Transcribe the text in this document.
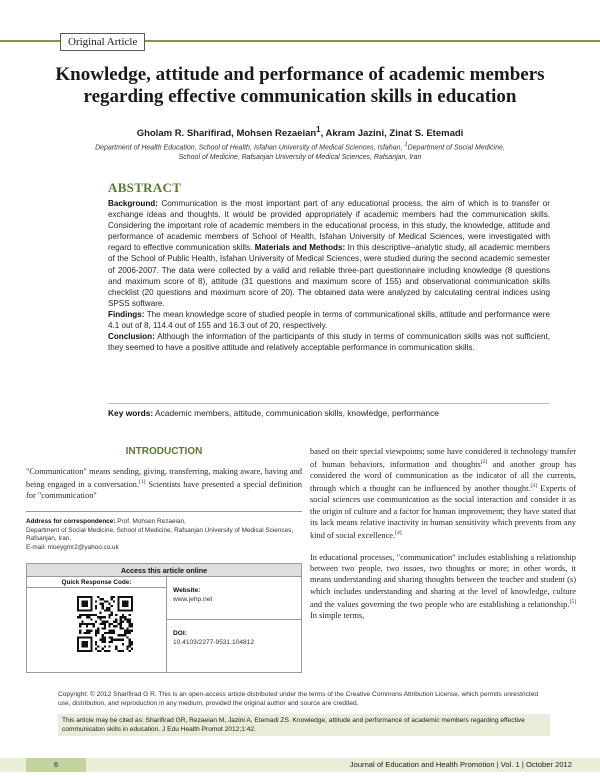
Original Article
Knowledge, attitude and performance of academic members regarding effective communication skills in education
Gholam R. Sharifirad, Mohsen Rezaeian$^1$, Akram Jazini, Zinat S. Etemadi
Department of Health Education, School of Health, Isfahan University of Medical Sciences, Isfahan, $^1$Department of Social Medicine,
School of Medicine, Rafsanjan University of Medical Sciences, Rafsanjan, Iran
ABSTRACT
Background: Communication is the most important part of any educational process, the aim of which is to transfer or exchange ideas and thoughts. It would be provided appropriately if academic members had the communication skills. Considering the important role of academic members in the educational process, in this study, the knowledge, attitude and performance of academic members of School of Health, Isfahan University of Medical Sciences, were investigated with regard to effective communication skills. Materials and Methods: In this descriptive–analytic study, all academic members of the School of Public Health, Isfahan University of Medical Sciences, were studied during the second academic semester of 2006-2007. The data were collected by a valid and reliable three-part questionnaire including knowledge (8 questions and maximum score of 8), attitude (31 questions and maximum score of 155) and observational communication skills checklist (20 questions and maximum score of 20). The obtained data were analyzed by calculating central indices using SPSS software.
Findings: The mean knowledge score of studied people in terms of communicational skills, attitude and performance were 4.1 out of 8, 114.4 out of 155 and 16.3 out of 20, respectively.
Conclusion: Although the information of the participants of this study in terms of communication skills was not sufficient, they seemed to have a positive attitude and relatively acceptable performance in communication skills.
Key words: Academic members, attitude, communication skills, knowledge, performance
INTRODUCTION
"Communication" means sending, giving, transferring, making aware, having and being engaged in a conversation.[1] Scientists have presented a special definition for "communication"
Address for correspondence: Prof. Mohsen Rezaeian,
Department of Social Medicine, School of Medicine, Rafsanjan University of Medical Sciences, Rafsanjan, Iran.
E-mail: moeygmr2@yahoo.co.uk
Access this article online
Quick Response Code:
Website:
www.jehp.net
DOI:
10.4103/2277-9531.104812

based on their special viewpoints; some have considered it technology transfer of human behaviors, information and thoughts[2] and another group has considered the word of communication as the indicator of all the currents, through which a thought can be influenced by another thought.[3] Experts of social sciences use communication as the social interaction and consider it as the origin of culture and a factor for human improvement; they have stated that its lack means relative inactivity in human sensitivity which prevents from any kind of social excellence.[4]

In educational processes, "communication" includes establishing a relationship between two people, two issues, two thoughts or more; in other words, it means understanding and sharing thoughts between the teacher and student (s) which includes understanding and sharing at the level of knowledge, culture and the values governing the two people who are establishing a relationship.[5] In simple terms,

Copyright: © 2012 Sharifirad G R. This is an open-access article distributed under the terms of the Creative Commons Attribution License, which permits unrestricted use, distribution, and reproduction in any medium, provided the original author and source are credited.
This article may be cited as: Sharifirad GR, Rezaeian M, Jazini A, Etemadi ZS. Knowledge, attitude and performance of academic members regarding effective communicaton skills in education. J Edu Health Promot 2012;1:42.
6	Journal of Education and Health Promotion | Vol. 1 | October 2012
